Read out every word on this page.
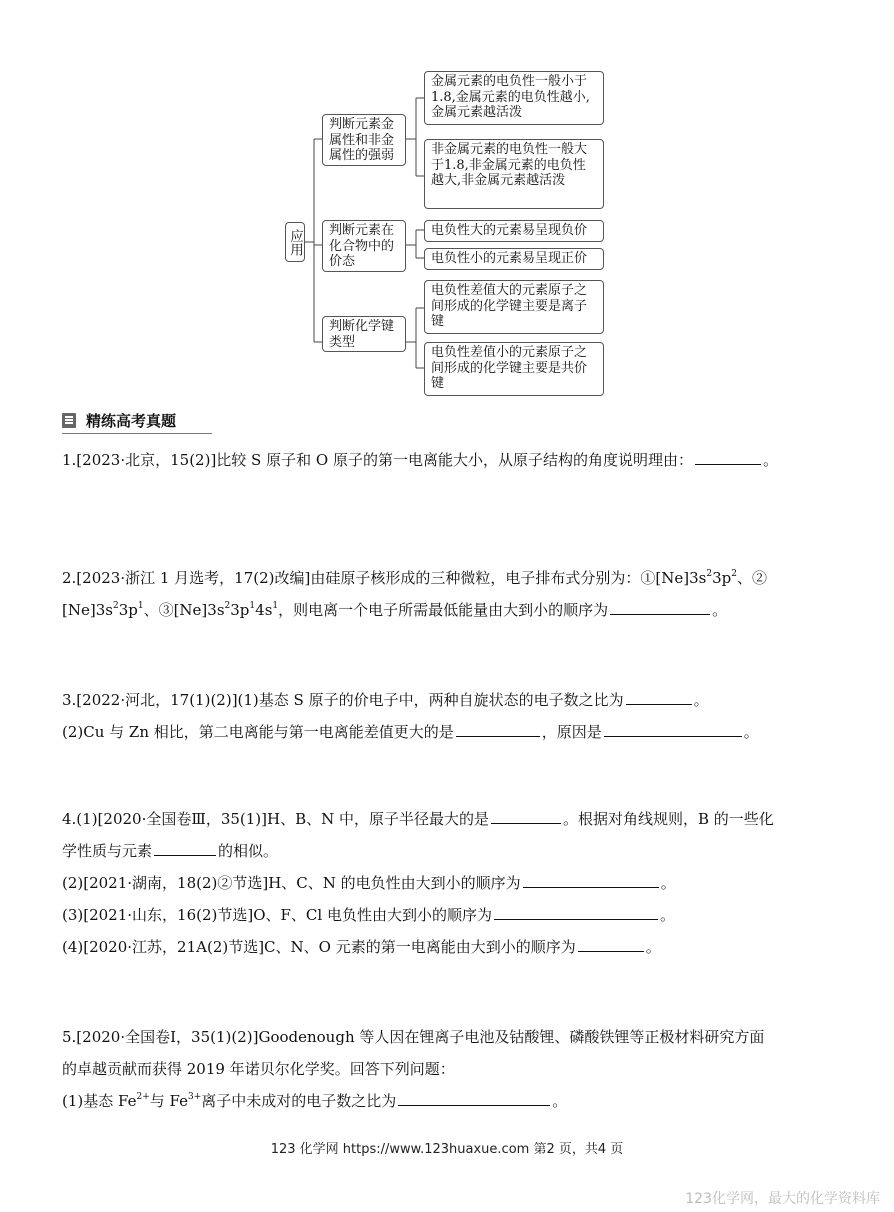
应用
判断元素金属性和非金属性的强弱
金属元素的电负性一般小于1.8,金属元素的电负性越小,金属元素越活泼
非金属元素的电负性一般大于1.8,非金属元素的电负性越大,非金属元素越活泼
判断元素在化合物中的价态
电负性大的元素易呈现负价
电负性小的元素易呈现正价
判断化学键类型
电负性差值大的元素原子之间形成的化学键主要是离子键
电负性差值小的元素原子之间形成的化学键主要是共价键
精练高考真题
1.[2023·北京，15(2)]比较 S 原子和 O 原子的第一电离能大小，从原子结构的角度说明理由：	。
2.[2023·浙江 1 月选考，17(2)改编]由硅原子核形成的三种微粒，电子排布式分别为：$①[Ne]3s^23p^2$、②
$[Ne]3s^23p^1$、$③[Ne]3s^23p^14s^1$，则电离一个电子所需最低能量由大到小的顺序为	。
3.[2022·河北，17(1)(2)](1)基态 S 原子的价电子中，两种自旋状态的电子数之比为	。
(2)Cu 与 Zn 相比，第二电离能与第一电离能差值更大的是	，原因是	。
4.(1)[2020·全国卷Ⅲ，35(1)]H、B、N 中，原子半径最大的是	。根据对角线规则，B 的一些化
学性质与元素	的相似。
(2)[2021·湖南，18(2)②节选]H、C、N 的电负性由大到小的顺序为	。
(3)[2021·山东，16(2)节选]O、F、Cl 电负性由大到小的顺序为	。
(4)[2020·江苏，21A(2)节选]C、N、O 元素的第一电离能由大到小的顺序为	。
5.[2020·全国卷Ⅰ，35(1)(2)]Goodenough 等人因在锂离子电池及钴酸锂、磷酸铁锂等正极材料研究方面
的卓越贡献而获得 2019 年诺贝尔化学奖。回答下列问题：
(1)基态 $Fe^{2+}$与 $Fe^{3+}$离子中未成对的电子数之比为	。
123 化学网 https://www.123huaxue.com 第2 页，共4 页
123化学网，最大的化学资料库
